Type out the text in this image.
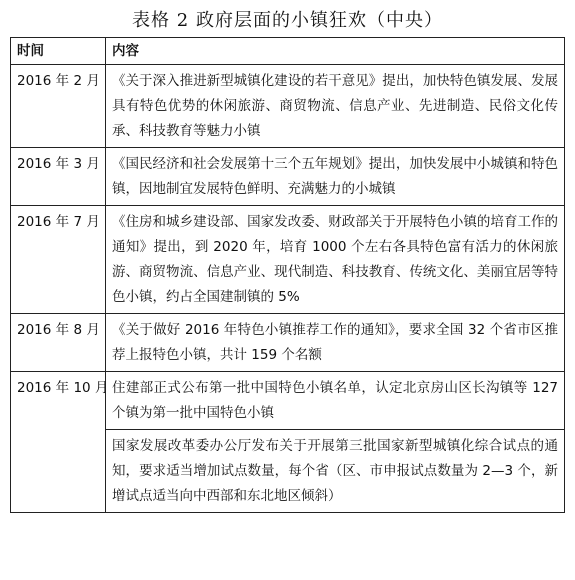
表格 2 政府层面的小镇狂欢（中央）
时间	内容
2016 年 2 月	《关于深入推进新型城镇化建设的若干意见》提出，加快特色镇发展、发展具有特色优势的休闲旅游、商贸物流、信息产业、先进制造、民俗文化传承、科技教育等魅力小镇
2016 年 3 月	《国民经济和社会发展第十三个五年规划》提出，加快发展中小城镇和特色镇，因地制宜发展特色鲜明、充满魅力的小城镇
2016 年 7 月	《住房和城乡建设部、国家发改委、财政部关于开展特色小镇的培育工作的通知》提出，到 2020 年，培育 1000 个左右各具特色富有活力的休闲旅游、商贸物流、信息产业、现代制造、科技教育、传统文化、美丽宜居等特色小镇，约占全国建制镇的 5%
2016 年 8 月	《关于做好 2016 年特色小镇推荐工作的通知》，要求全国 32 个省市区推荐上报特色小镇，共计 159 个名额
2016 年 10 月	住建部正式公布第一批中国特色小镇名单，认定北京房山区长沟镇等 127 个镇为第一批中国特色小镇
	国家发展改革委办公厅发布关于开展第三批国家新型城镇化综合试点的通知，要求适当增加试点数量，每个省（区、市申报试点数量为 2—3 个，新增试点适当向中西部和东北地区倾斜）
